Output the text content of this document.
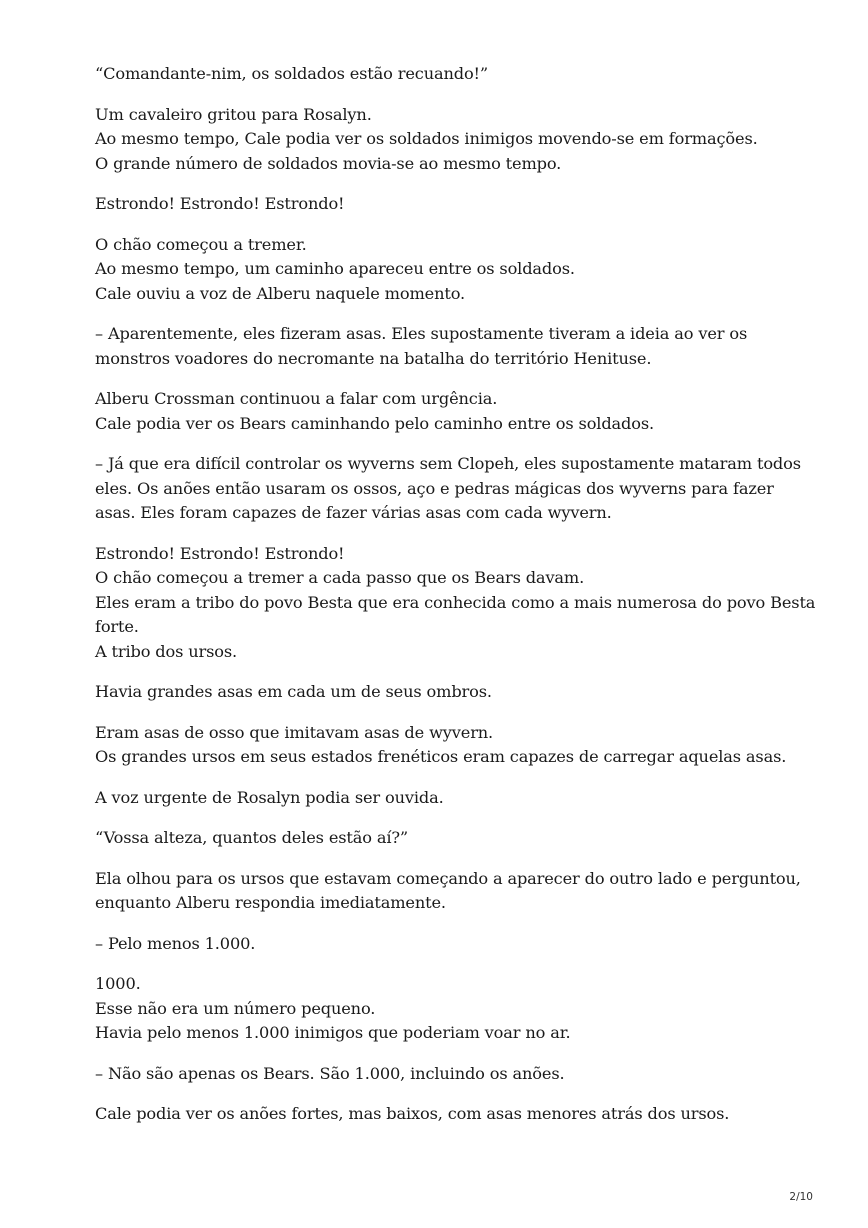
“Comandante-nim, os soldados estão recuando!”

Um cavaleiro gritou para Rosalyn.
Ao mesmo tempo, Cale podia ver os soldados inimigos movendo-se em formações.
O grande número de soldados movia-se ao mesmo tempo.

Estrondo! Estrondo! Estrondo!

O chão começou a tremer.
Ao mesmo tempo, um caminho apareceu entre os soldados.
Cale ouviu a voz de Alberu naquele momento.

– Aparentemente, eles fizeram asas. Eles supostamente tiveram a ideia ao ver os
monstros voadores do necromante na batalha do território Henituse.

Alberu Crossman continuou a falar com urgência.
Cale podia ver os Bears caminhando pelo caminho entre os soldados.

– Já que era difícil controlar os wyverns sem Clopeh, eles supostamente mataram todos
eles. Os anões então usaram os ossos, aço e pedras mágicas dos wyverns para fazer
asas. Eles foram capazes de fazer várias asas com cada wyvern.

Estrondo! Estrondo! Estrondo!
O chão começou a tremer a cada passo que os Bears davam.
Eles eram a tribo do povo Besta que era conhecida como a mais numerosa do povo Besta
forte.
A tribo dos ursos.

Havia grandes asas em cada um de seus ombros.

Eram asas de osso que imitavam asas de wyvern.
Os grandes ursos em seus estados frenéticos eram capazes de carregar aquelas asas.

A voz urgente de Rosalyn podia ser ouvida.

“Vossa alteza, quantos deles estão aí?”

Ela olhou para os ursos que estavam começando a aparecer do outro lado e perguntou,
enquanto Alberu respondia imediatamente.

– Pelo menos 1.000.

1000.
Esse não era um número pequeno.
Havia pelo menos 1.000 inimigos que poderiam voar no ar.

– Não são apenas os Bears. São 1.000, incluindo os anões.

Cale podia ver os anões fortes, mas baixos, com asas menores atrás dos ursos.

2/10
